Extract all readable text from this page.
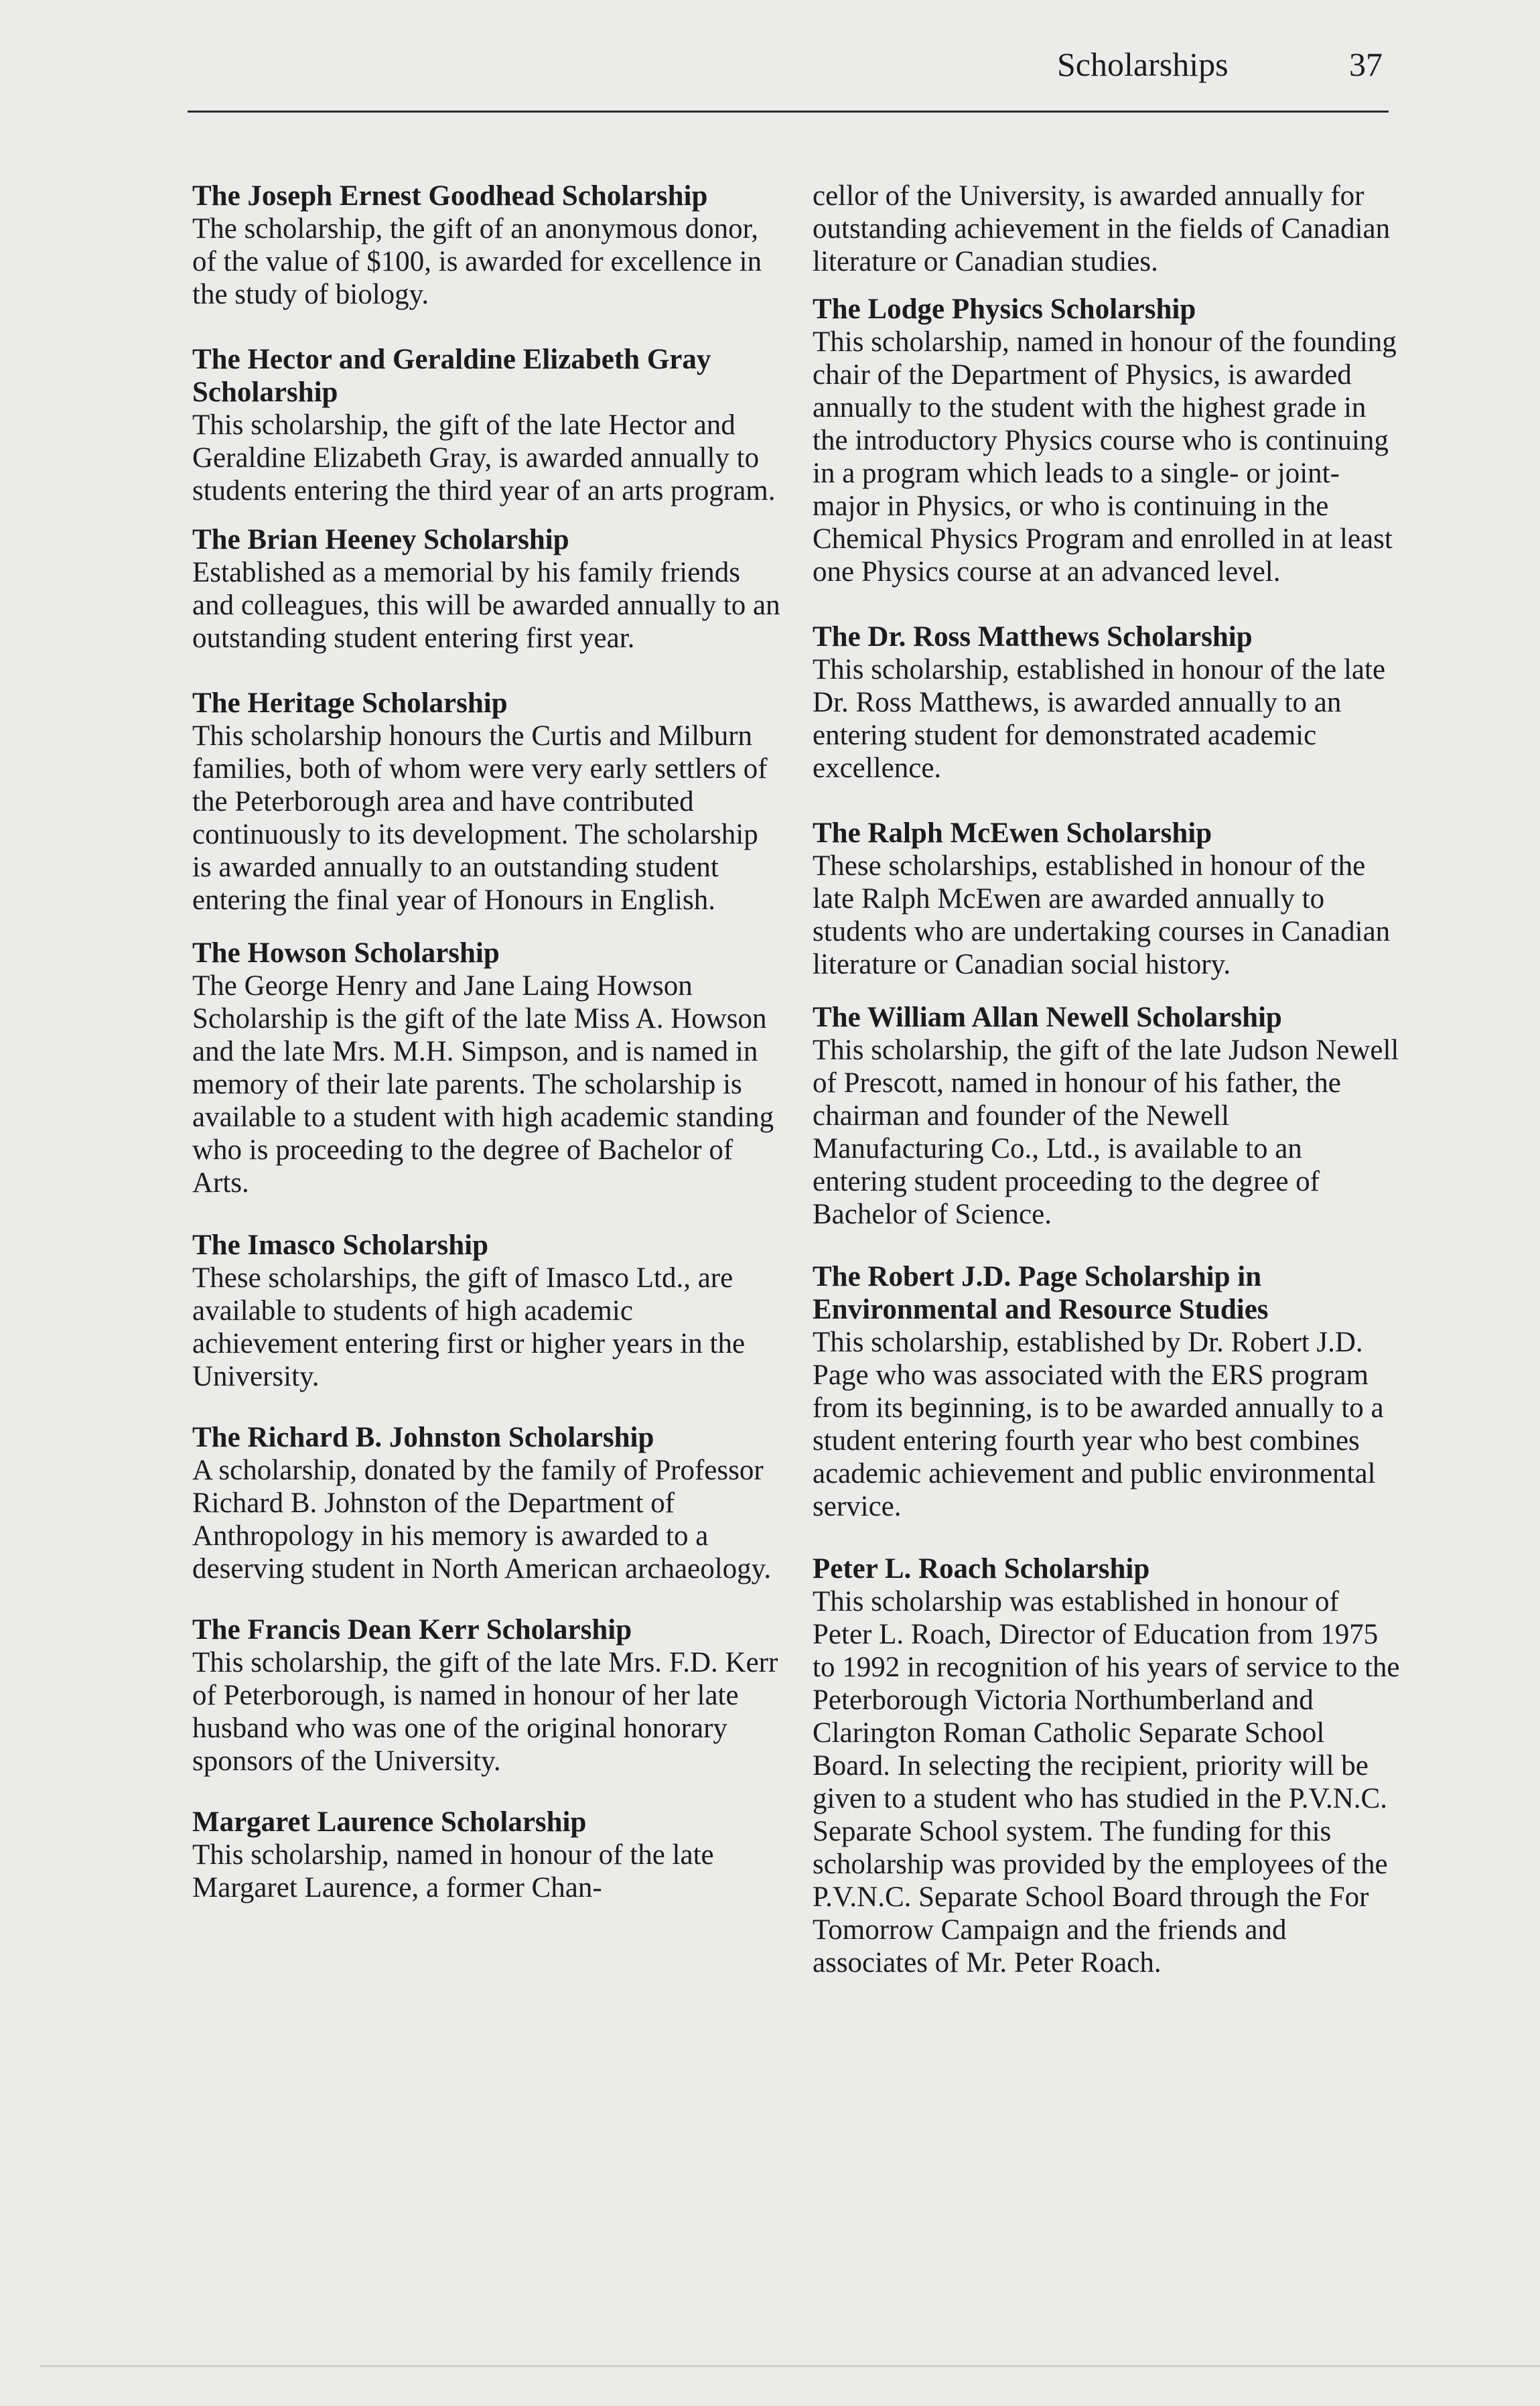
Scholarships	37
The Joseph Ernest Goodhead Scholarship

The scholarship, the gift of an anonymous donor, of the value of $100, is awarded for excellence in the study of biology.

The Hector and Geraldine Elizabeth Gray Scholarship

This scholarship, the gift of the late Hector and Geraldine Elizabeth Gray, is awarded annually to students entering the third year of an arts program.

The Brian Heeney Scholarship

Established as a memorial by his family friends and colleagues, this will be awarded annually to an outstanding student entering first year.

The Heritage Scholarship

This scholarship honours the Curtis and Milburn families, both of whom were very early settlers of the Peterborough area and have contributed continuously to its development. The scholarship is awarded annually to an outstanding student entering the final year of Honours in English.

The Howson Scholarship

The George Henry and Jane Laing Howson Scholarship is the gift of the late Miss A. Howson and the late Mrs. M.H. Simpson, and is named in memory of their late parents. The scholarship is available to a student with high academic standing who is proceeding to the degree of Bachelor of Arts.

The Imasco Scholarship

These scholarships, the gift of Imasco Ltd., are available to students of high academic achievement entering first or higher years in the University.

The Richard B. Johnston Scholarship

A scholarship, donated by the family of Professor Richard B. Johnston of the Department of Anthropology in his memory is awarded to a deserving student in North American archaeology.

The Francis Dean Kerr Scholarship

This scholarship, the gift of the late Mrs. F.D. Kerr of Peterborough, is named in honour of her late husband who was one of the original honorary sponsors of the University.

Margaret Laurence Scholarship

This scholarship, named in honour of the late Margaret Laurence, a former Chan-

cellor of the University, is awarded annually for outstanding achievement in the fields of Canadian literature or Canadian studies.

The Lodge Physics Scholarship

This scholarship, named in honour of the founding chair of the Department of Physics, is awarded annually to the student with the highest grade in the introductory Physics course who is continuing in a program which leads to a single- or joint-major in Physics, or who is continuing in the Chemical Physics Program and enrolled in at least one Physics course at an advanced level.

The Dr. Ross Matthews Scholarship

This scholarship, established in honour of the late Dr. Ross Matthews, is awarded annually to an entering student for demonstrated academic excellence.

The Ralph McEwen Scholarship

These scholarships, established in honour of the late Ralph McEwen are awarded annually to students who are undertaking courses in Canadian literature or Canadian social history.

The William Allan Newell Scholarship

This scholarship, the gift of the late Judson Newell of Prescott, named in honour of his father, the chairman and founder of the Newell Manufacturing Co., Ltd., is available to an entering student proceeding to the degree of Bachelor of Science.

The Robert J.D. Page Scholarship in Environmental and Resource Studies

This scholarship, established by Dr. Robert J.D. Page who was associated with the ERS program from its beginning, is to be awarded annually to a student entering fourth year who best combines academic achievement and public environmental service.

Peter L. Roach Scholarship

This scholarship was established in honour of Peter L. Roach, Director of Education from 1975 to 1992 in recognition of his years of service to the Peterborough Victoria Northumberland and Clarington Roman Catholic Separate School Board. In selecting the recipient, priority will be given to a student who has studied in the P.V.N.C. Separate School system. The funding for this scholarship was provided by the employees of the P.V.N.C. Separate School Board through the For Tomorrow Campaign and the friends and associates of Mr. Peter Roach.
